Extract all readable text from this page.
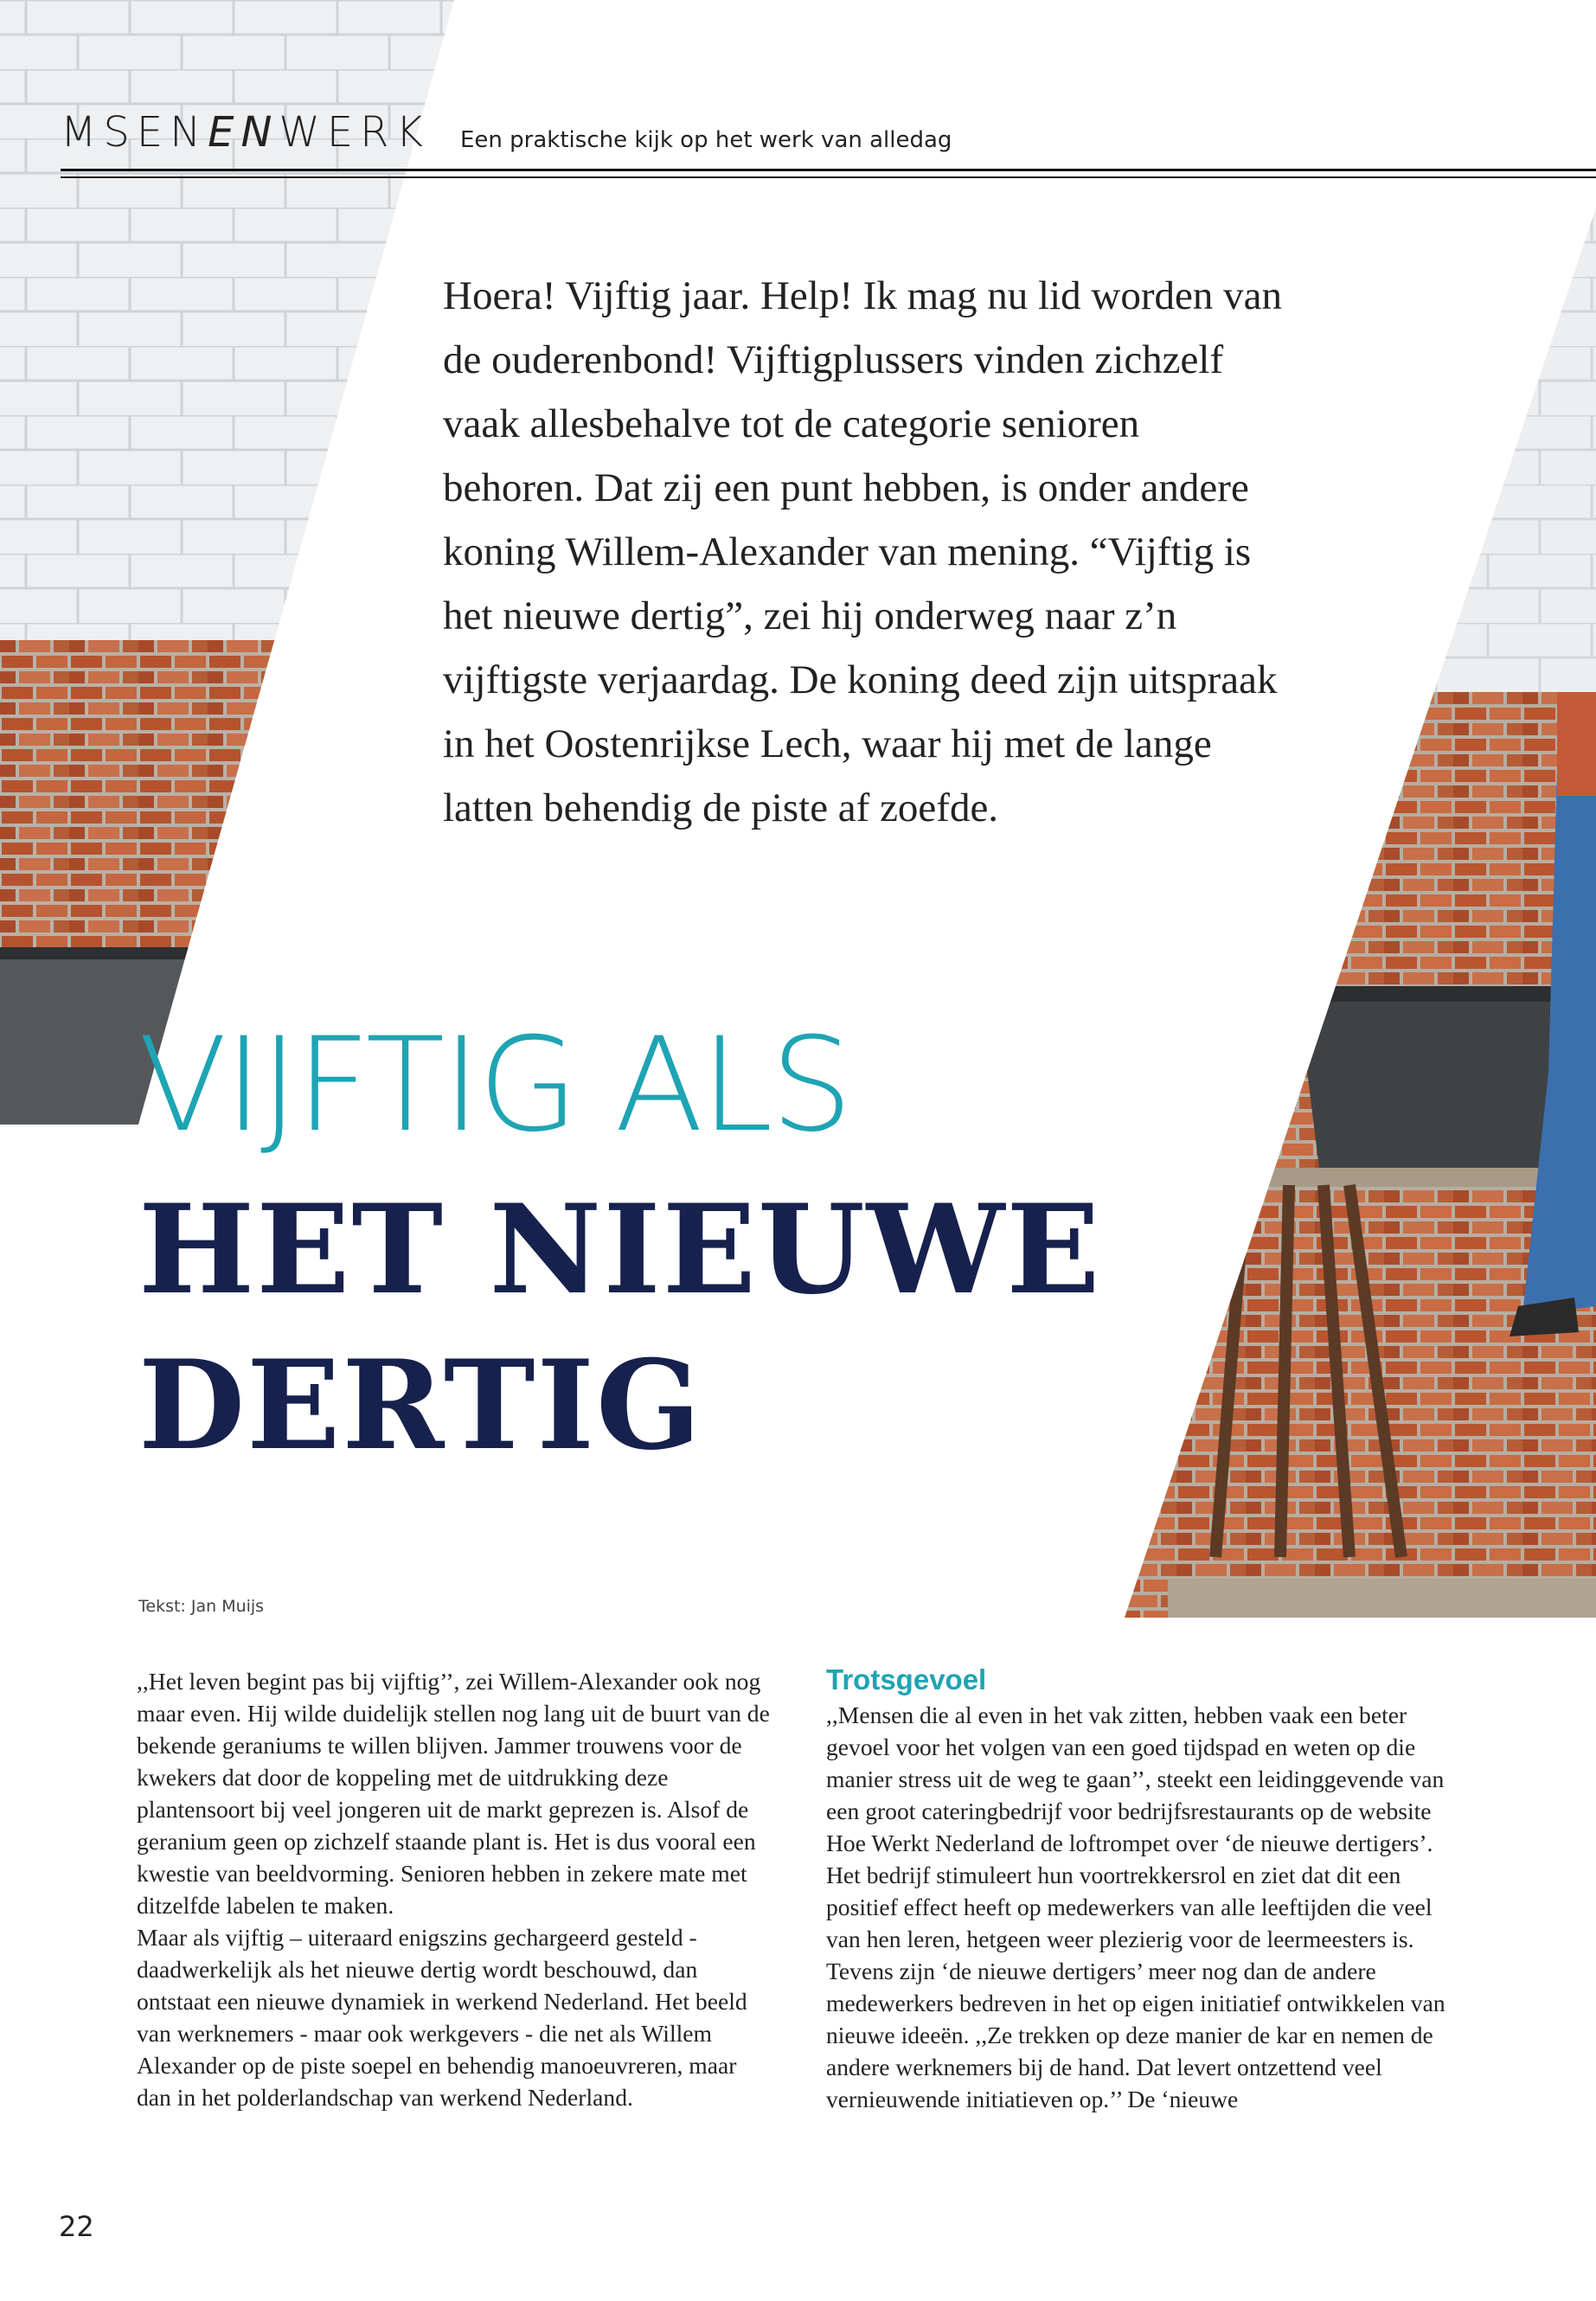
MSENENWERK Een praktische kijk op het werk van alledag
Hoera! Vijftig jaar. Help! Ik mag nu lid worden van de ouderenbond! Vijftigplussers vinden zichzelf vaak allesbehalve tot de categorie senioren behoren. Dat zij een punt hebben, is onder andere koning Willem-Alexander van mening. “Vijftig is het nieuwe dertig”, zei hij onderweg naar z’n vijftigste verjaardag. De koning deed zijn uitspraak in het Oostenrijkse Lech, waar hij met de lange latten behendig de piste af zoefde.
VIJFTIG ALS
HET NIEUWE
DERTIG
Tekst: Jan Muijs

,,Het leven begint pas bij vijftig’’, zei Willem-Alexander ook nog maar even. Hij wilde duidelijk stellen nog lang uit de buurt van de bekende geraniums te willen blijven. Jammer trouwens voor de kwekers dat door de koppeling met de uitdrukking deze plantensoort bij veel jongeren uit de markt geprezen is. Alsof de geranium geen op zichzelf staande plant is. Het is dus vooral een kwestie van beeldvorming. Senioren hebben in zekere mate met ditzelfde labelen te maken.

Maar als vijftig – uiteraard enigszins gechargeerd gesteld - daadwerkelijk als het nieuwe dertig wordt beschouwd, dan ontstaat een nieuwe dynamiek in werkend Nederland. Het beeld van werknemers - maar ook werkgevers - die net als Willem Alexander op de piste soepel en behendig manoeuvreren, maar dan in het polderlandschap van werkend Nederland.

Trotsgevoel

,,Mensen die al even in het vak zitten, hebben vaak een beter gevoel voor het volgen van een goed tijdspad en weten op die manier stress uit de weg te gaan’’, steekt een leidinggevende van een groot cateringbedrijf voor bedrijfsrestaurants op de website Hoe Werkt Nederland de loftrompet over ‘de nieuwe dertigers’. Het bedrijf stimuleert hun voortrekkersrol en ziet dat dit een positief effect heeft op medewerkers van alle leeftijden die veel van hen leren, hetgeen weer plezierig voor de leermeesters is.

Tevens zijn ‘de nieuwe dertigers’ meer nog dan de andere medewerkers bedreven in het op eigen initiatief ontwikkelen van nieuwe ideeën. ,,Ze trekken op deze manier de kar en nemen de andere werknemers bij de hand. Dat levert ontzettend veel vernieuwende initiatieven op.’’ De ‘nieuwe

22
